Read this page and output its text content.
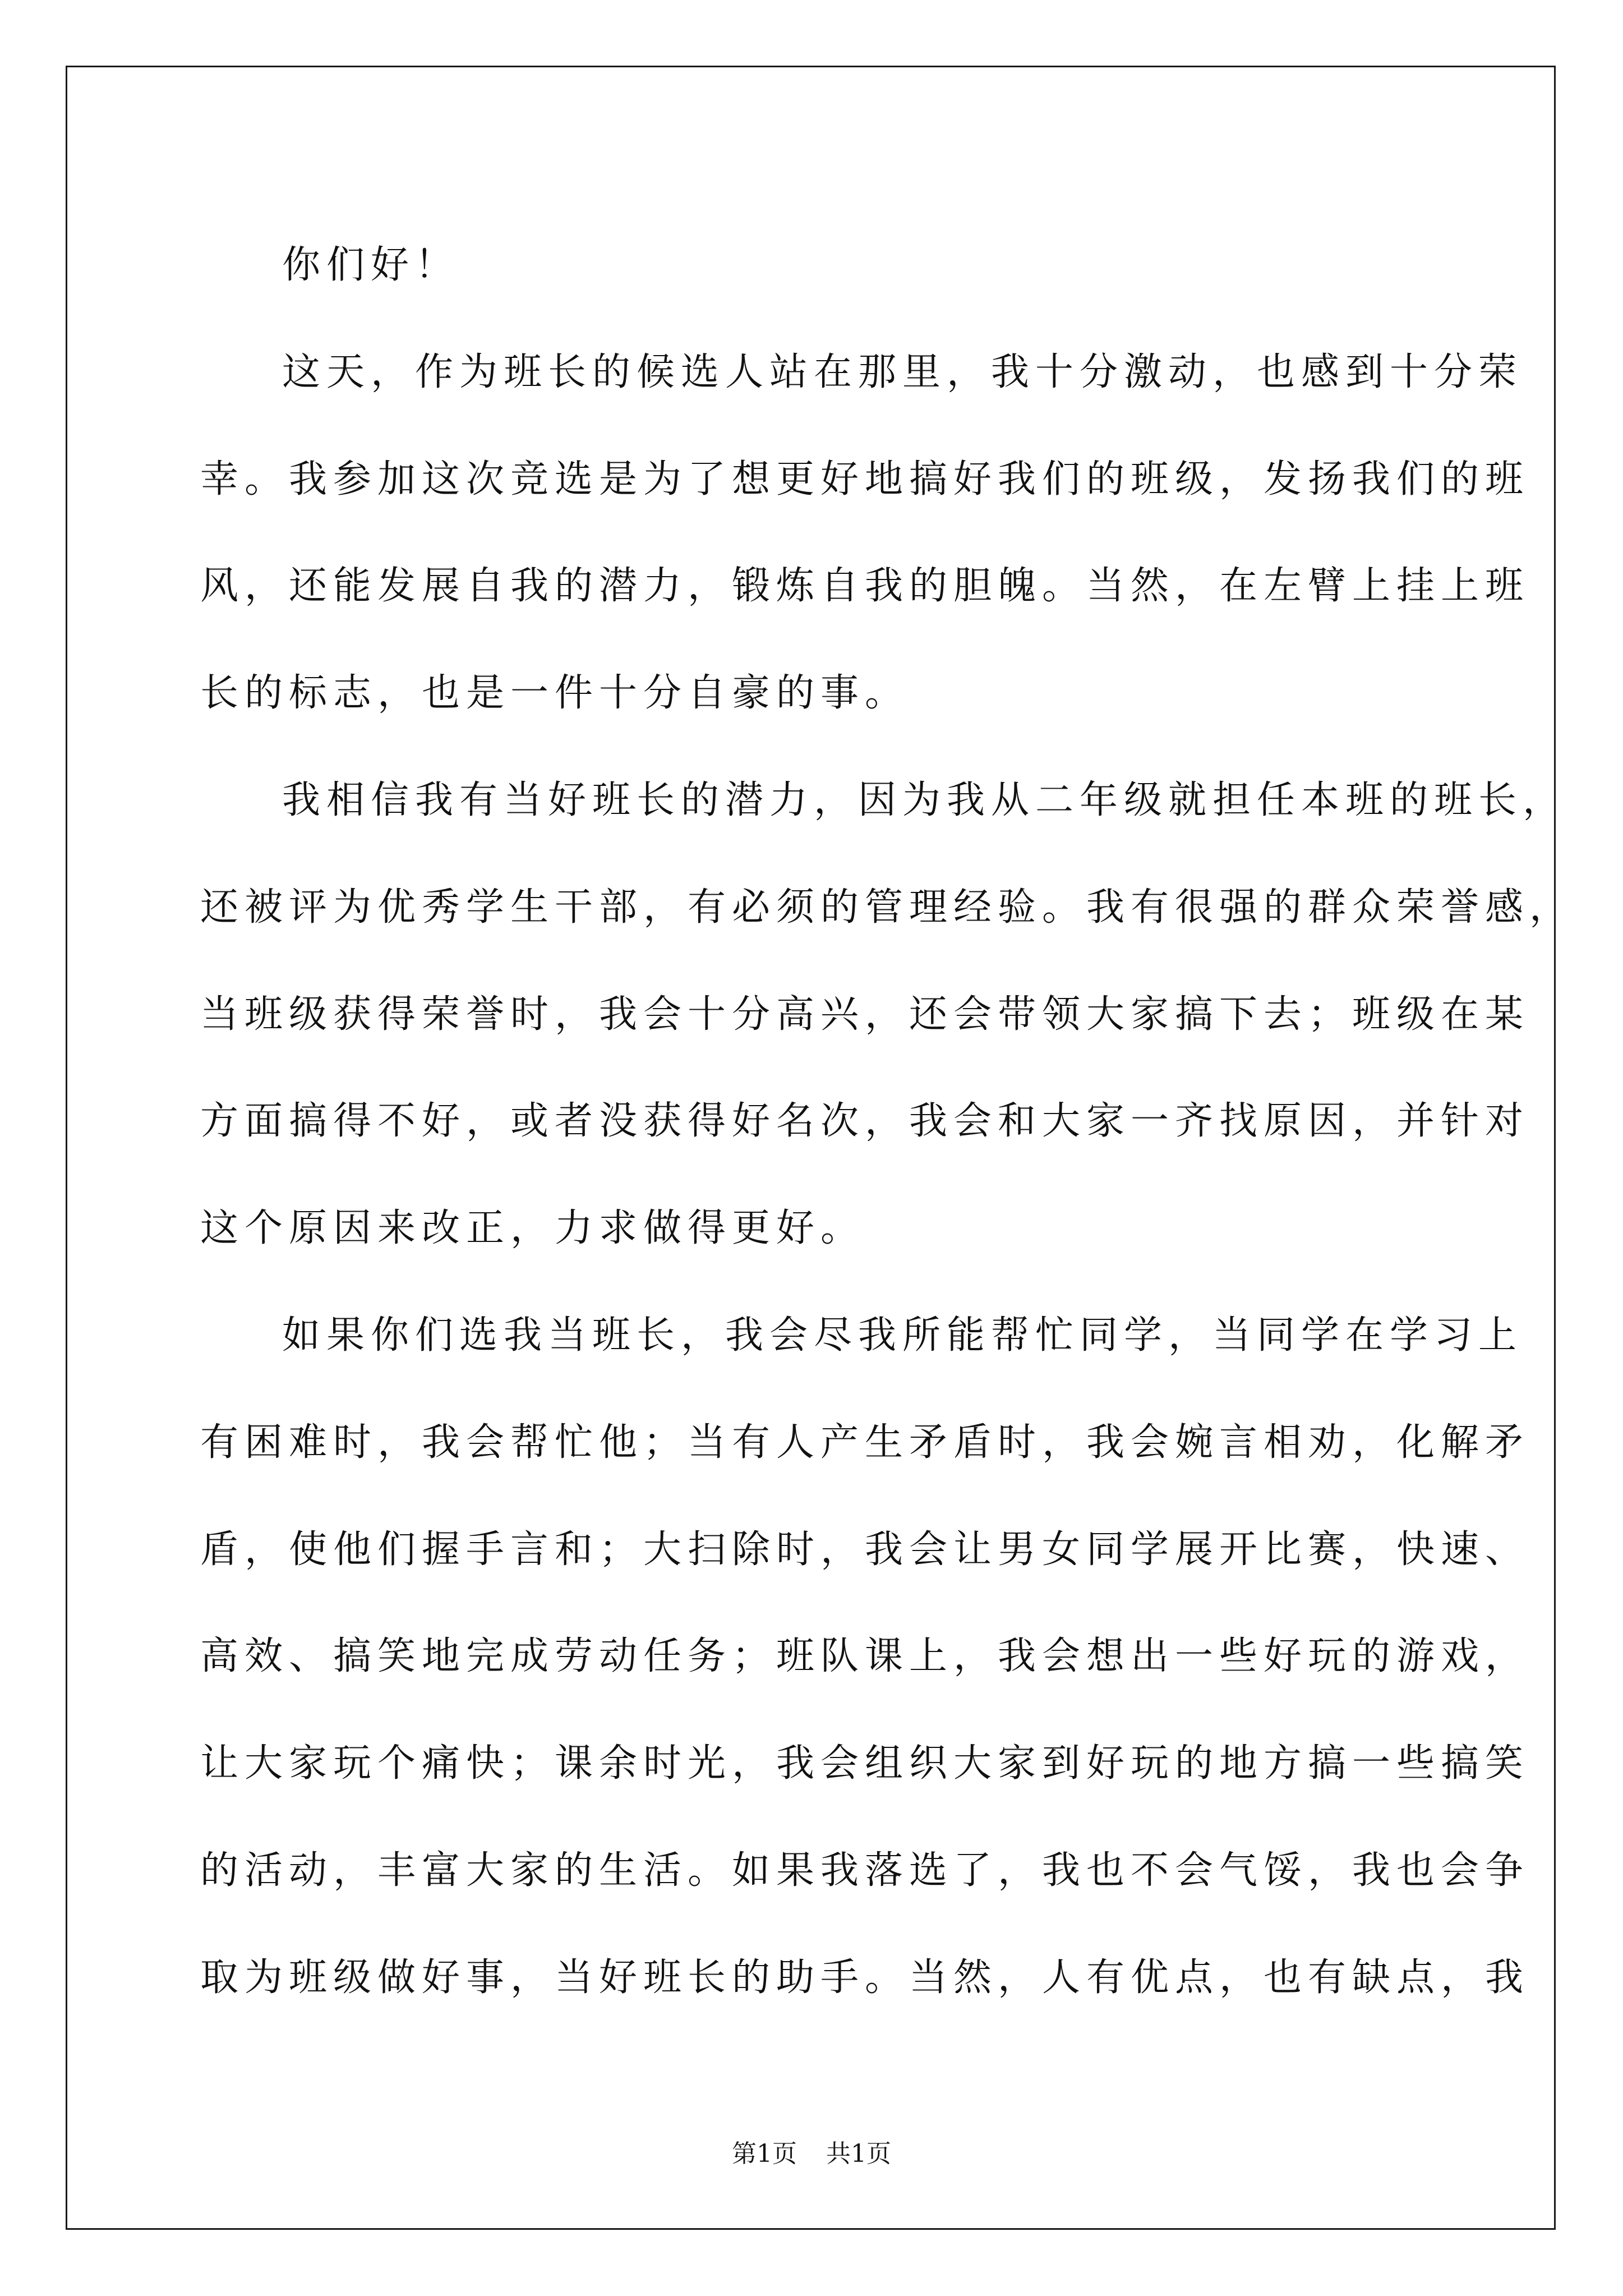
你们好！
这天，作为班长的候选人站在那里，我十分激动，也感到十分荣
幸。我参加这次竞选是为了想更好地搞好我们的班级，发扬我们的班
风，还能发展自我的潜力，锻炼自我的胆魄。当然，在左臂上挂上班
长的标志，也是一件十分自豪的事。
我相信我有当好班长的潜力，因为我从二年级就担任本班的班长，
还被评为优秀学生干部，有必须的管理经验。我有很强的群众荣誉感，
当班级获得荣誉时，我会十分高兴，还会带领大家搞下去；班级在某
方面搞得不好，或者没获得好名次，我会和大家一齐找原因，并针对
这个原因来改正，力求做得更好。
如果你们选我当班长，我会尽我所能帮忙同学，当同学在学习上
有困难时，我会帮忙他；当有人产生矛盾时，我会婉言相劝，化解矛
盾，使他们握手言和；大扫除时，我会让男女同学展开比赛，快速、
高效、搞笑地完成劳动任务；班队课上，我会想出一些好玩的游戏，
让大家玩个痛快；课余时光，我会组织大家到好玩的地方搞一些搞笑
的活动，丰富大家的生活。如果我落选了，我也不会气馁，我也会争
取为班级做好事，当好班长的助手。当然，人有优点，也有缺点，我
第1页 共1页
